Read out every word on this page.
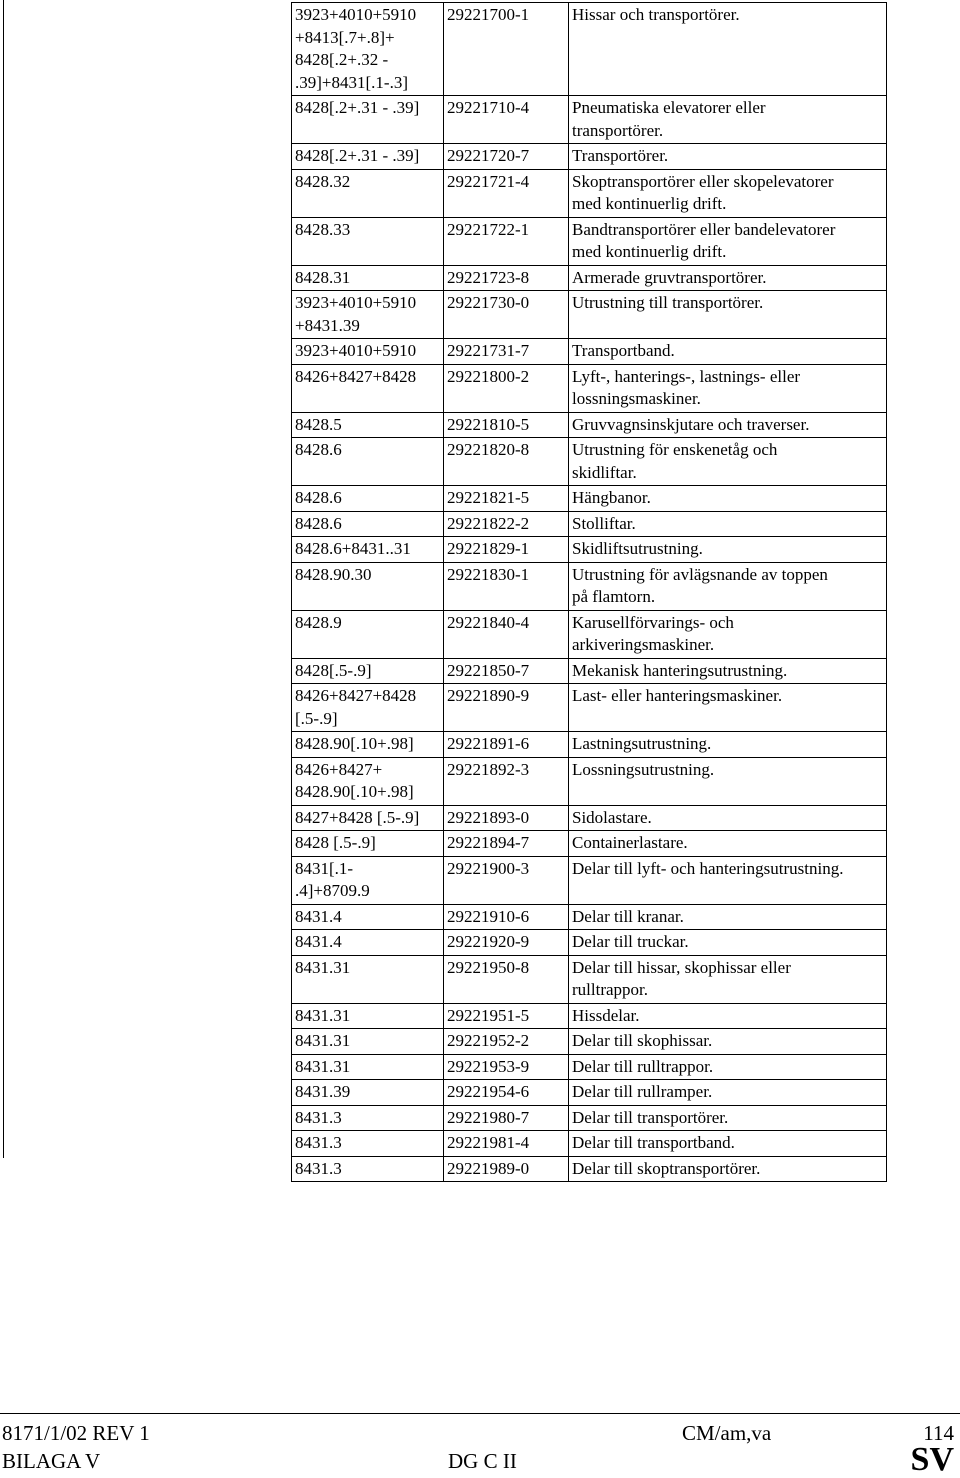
3923+4010+5910
+8413[.7+.8]+
8428[.2+.32 -
.39]+8431[.1-.3]	29221700-1	Hissar och transportörer.
8428[.2+.31 - .39]	29221710-4	Pneumatiska elevatorer eller
transportörer.
8428[.2+.31 - .39]	29221720-7	Transportörer.
8428.32	29221721-4	Skoptransportörer eller skopelevatorer
med kontinuerlig drift.
8428.33	29221722-1	Bandtransportörer eller bandelevatorer
med kontinuerlig drift.
8428.31	29221723-8	Armerade gruvtransportörer.
3923+4010+5910
+8431.39	29221730-0	Utrustning till transportörer.
3923+4010+5910	29221731-7	Transportband.
8426+8427+8428	29221800-2	Lyft-, hanterings-, lastnings- eller
lossningsmaskiner.
8428.5	29221810-5	Gruvvagnsinskjutare och traverser.
8428.6	29221820-8	Utrustning för enskenetåg och
skidliftar.
8428.6	29221821-5	Hängbanor.
8428.6	29221822-2	Stolliftar.
8428.6+8431..31	29221829-1	Skidliftsutrustning.
8428.90.30	29221830-1	Utrustning för avlägsnande av toppen
på flamtorn.
8428.9	29221840-4	Karusellförvarings- och
arkiveringsmaskiner.
8428[.5-.9]	29221850-7	Mekanisk hanteringsutrustning.
8426+8427+8428
[.5-.9]	29221890-9	Last- eller hanteringsmaskiner.
8428.90[.10+.98]	29221891-6	Lastningsutrustning.
8426+8427+
8428.90[.10+.98]	29221892-3	Lossningsutrustning.
8427+8428 [.5-.9]	29221893-0	Sidolastare.
8428 [.5-.9]	29221894-7	Containerlastare.
8431[.1-
.4]+8709.9	29221900-3	Delar till lyft- och hanteringsutrustning.
8431.4	29221910-6	Delar till kranar.
8431.4	29221920-9	Delar till truckar.
8431.31	29221950-8	Delar till hissar, skophissar eller
rulltrappor.
8431.31	29221951-5	Hissdelar.
8431.31	29221952-2	Delar till skophissar.
8431.31	29221953-9	Delar till rulltrappor.
8431.39	29221954-6	Delar till rullramper.
8431.3	29221980-7	Delar till transportörer.
8431.3	29221981-4	Delar till transportband.
8431.3	29221989-0	Delar till skoptransportörer.
8171/1/02 REV 1
BILAGA V
CM/am,va
DG C II
114
SV
